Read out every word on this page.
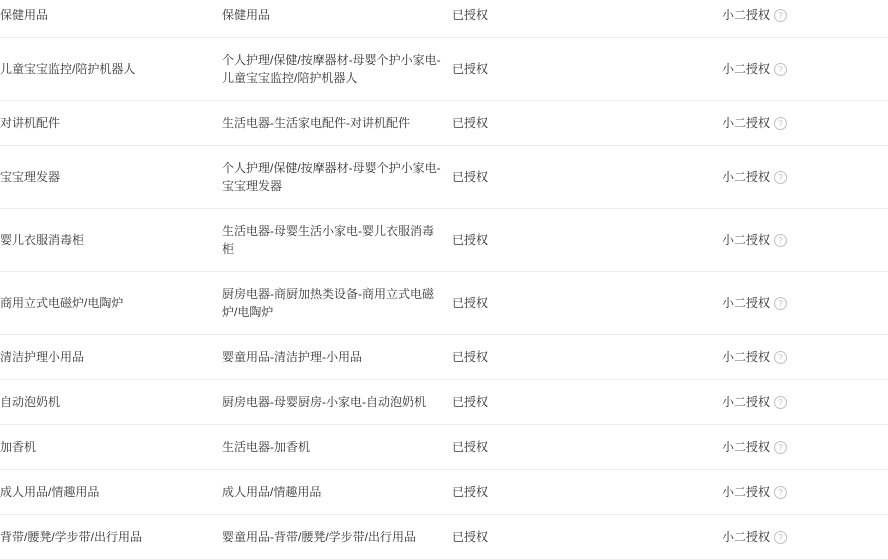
保健用品	保健用品	已授权	小二授权 ?

儿童宝宝监控/陪护机器人	个人护理/保健/按摩器材-母婴个护小家电-儿童宝宝监控/陪护机器人	已授权	小二授权 ?

对讲机配件	生活电器-生活家电配件-对讲机配件	已授权	小二授权 ?

宝宝理发器	个人护理/保健/按摩器材-母婴个护小家电-宝宝理发器	已授权	小二授权 ?

婴儿衣服消毒柜	生活电器-母婴生活小家电-婴儿衣服消毒柜	已授权	小二授权 ?

商用立式电磁炉/电陶炉	厨房电器-商厨加热类设备-商用立式电磁炉/电陶炉	已授权	小二授权 ?

清洁护理小用品	婴童用品-清洁护理-小用品	已授权	小二授权 ?

自动泡奶机	厨房电器-母婴厨房-小家电-自动泡奶机	已授权	小二授权 ?

加香机	生活电器-加香机	已授权	小二授权 ?

成人用品/情趣用品	成人用品/情趣用品	已授权	小二授权 ?

背带/腰凳/学步带/出行用品	婴童用品-背带/腰凳/学步带/出行用品	已授权	小二授权 ?
